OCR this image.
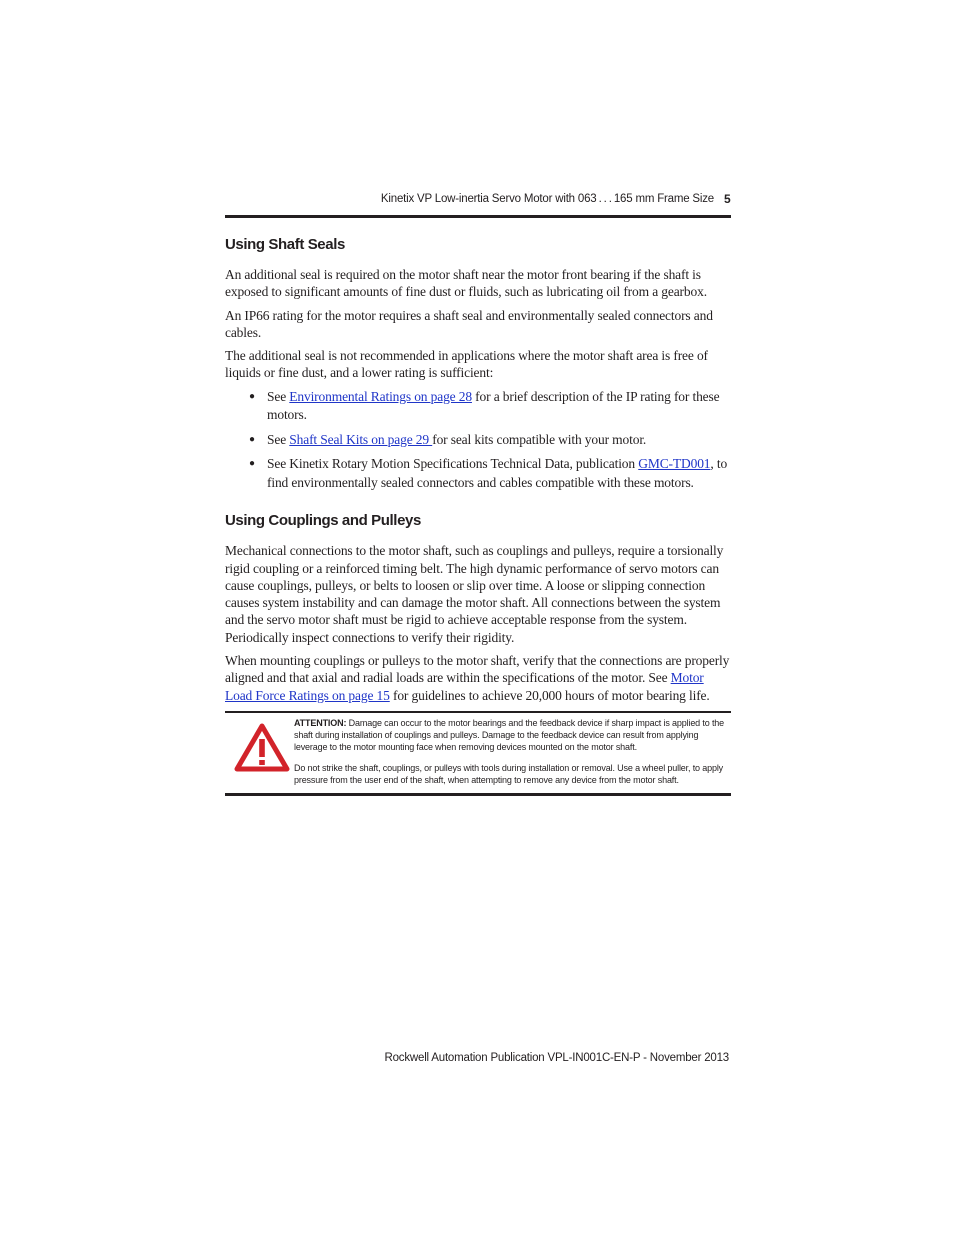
Kinetix VP Low-inertia Servo Motor with 063 . . . 165 mm Frame Size 5
Using Shaft Seals

An additional seal is required on the motor shaft near the motor front bearing if the shaft is exposed to significant amounts of fine dust or fluids, such as lubricating oil from a gearbox.

An IP66 rating for the motor requires a shaft seal and environmentally sealed connectors and cables.

The additional seal is not recommended in applications where the motor shaft area is free of liquids or fine dust, and a lower rating is sufficient:

● See Environmental Ratings on page 28 for a brief description of the IP rating for these motors.
● See Shaft Seal Kits on page 29 for seal kits compatible with your motor.
● See Kinetix Rotary Motion Specifications Technical Data, publication GMC-TD001, to find environmentally sealed connectors and cables compatible with these motors.
Using Couplings and Pulleys

Mechanical connections to the motor shaft, such as couplings and pulleys, require a torsionally rigid coupling or a reinforced timing belt. The high dynamic performance of servo motors can cause couplings, pulleys, or belts to loosen or slip over time. A loose or slipping connection causes system instability and can damage the motor shaft. All connections between the system and the servo motor shaft must be rigid to achieve acceptable response from the system. Periodically inspect connections to verify their rigidity.

When mounting couplings or pulleys to the motor shaft, verify that the connections are properly aligned and that axial and radial loads are within the specifications of the motor. See Motor Load Force Ratings on page 15 for guidelines to achieve 20,000 hours of motor bearing life.

ATTENTION: Damage can occur to the motor bearings and the feedback device if sharp impact is applied to the shaft during installation of couplings and pulleys. Damage to the feedback device can result from applying leverage to the motor mounting face when removing devices mounted on the motor shaft.

Do not strike the shaft, couplings, or pulleys with tools during installation or removal. Use a wheel puller, to apply pressure from the user end of the shaft, when attempting to remove any device from the motor shaft.

Rockwell Automation Publication VPL-IN001C-EN-P - November 2013
